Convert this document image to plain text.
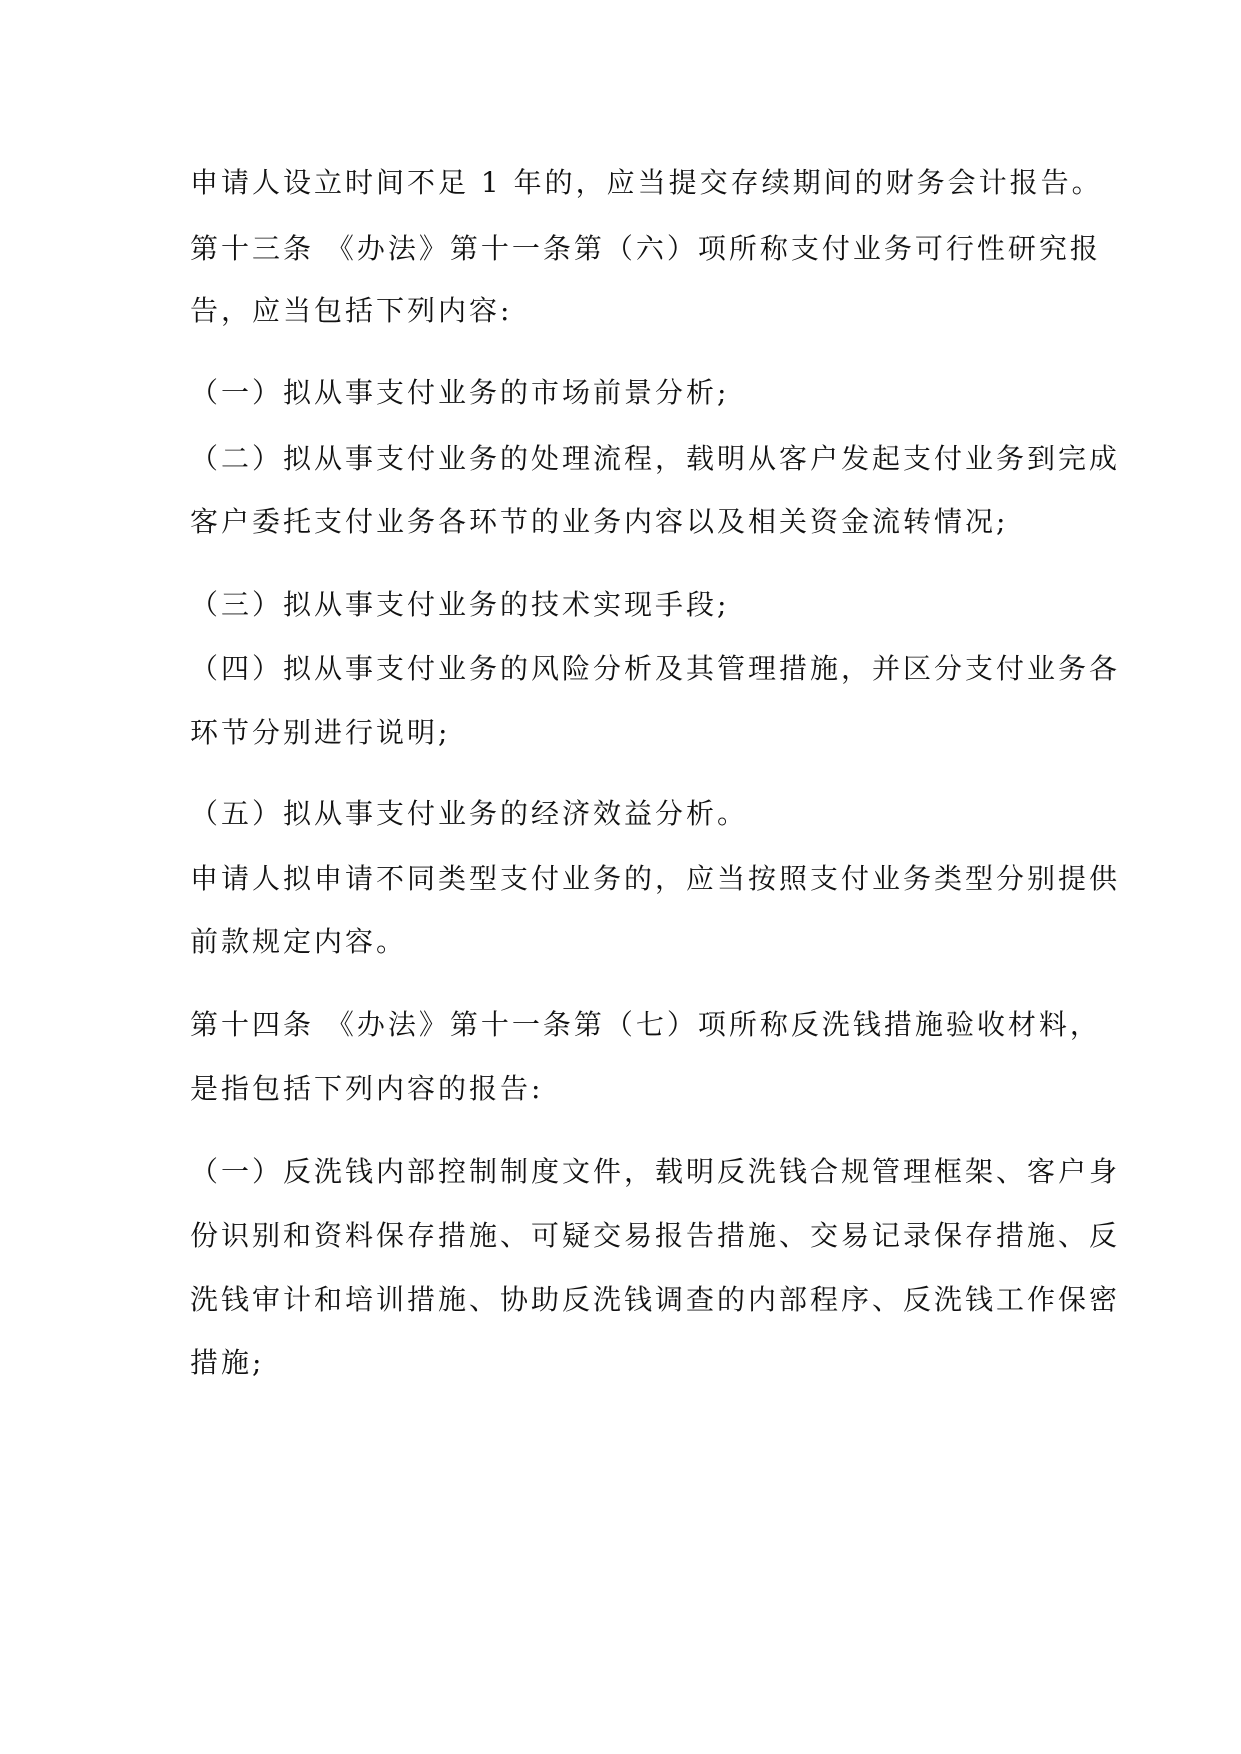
申请人设立时间不足 1 年的，应当提交存续期间的财务会计报告。
第十三条 《办法》第十一条第（六）项所称支付业务可行性研究报
告，应当包括下列内容:
（一）拟从事支付业务的市场前景分析;
（二）拟从事支付业务的处理流程，载明从客户发起支付业务到完成
客户委托支付业务各环节的业务内容以及相关资金流转情况;
（三）拟从事支付业务的技术实现手段;
（四）拟从事支付业务的风险分析及其管理措施，并区分支付业务各
环节分别进行说明;
（五）拟从事支付业务的经济效益分析。
申请人拟申请不同类型支付业务的，应当按照支付业务类型分别提供
前款规定内容。
第十四条 《办法》第十一条第（七）项所称反洗钱措施验收材料，
是指包括下列内容的报告:
（一）反洗钱内部控制制度文件，载明反洗钱合规管理框架、客户身
份识别和资料保存措施、可疑交易报告措施、交易记录保存措施、反
洗钱审计和培训措施、协助反洗钱调查的内部程序、反洗钱工作保密
措施;
